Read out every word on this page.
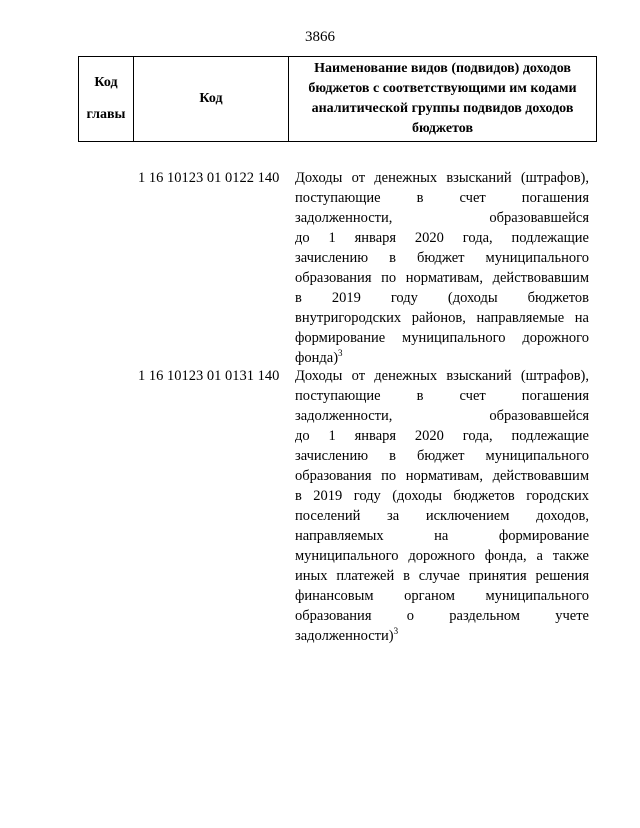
3866
Код
главы
	Код	Наименование видов (подвидов) доходов бюджетов с соответствующими им кодами аналитической группы подвидов доходов бюджетов
1 16 10123 01 0122 140	Доходы от денежных взысканий (штрафов),
поступающие в счет погашения
задолженности, образовавшейся
до 1 января 2020 года, подлежащие
зачислению в бюджет муниципального
образования по нормативам, действовавшим
в 2019 году (доходы бюджетов
внутригородских районов, направляемые на
формирование муниципального дорожного
фонда)$^3$
1 16 10123 01 0131 140	Доходы от денежных взысканий (штрафов),
поступающие в счет погашения
задолженности, образовавшейся
до 1 января 2020 года, подлежащие
зачислению в бюджет муниципального
образования по нормативам, действовавшим
в 2019 году (доходы бюджетов городских
поселений за исключением доходов,
направляемых на формирование
муниципального дорожного фонда, а также
иных платежей в случае принятия решения
финансовым органом муниципального
образования о раздельном учете
задолженности)$^3$
